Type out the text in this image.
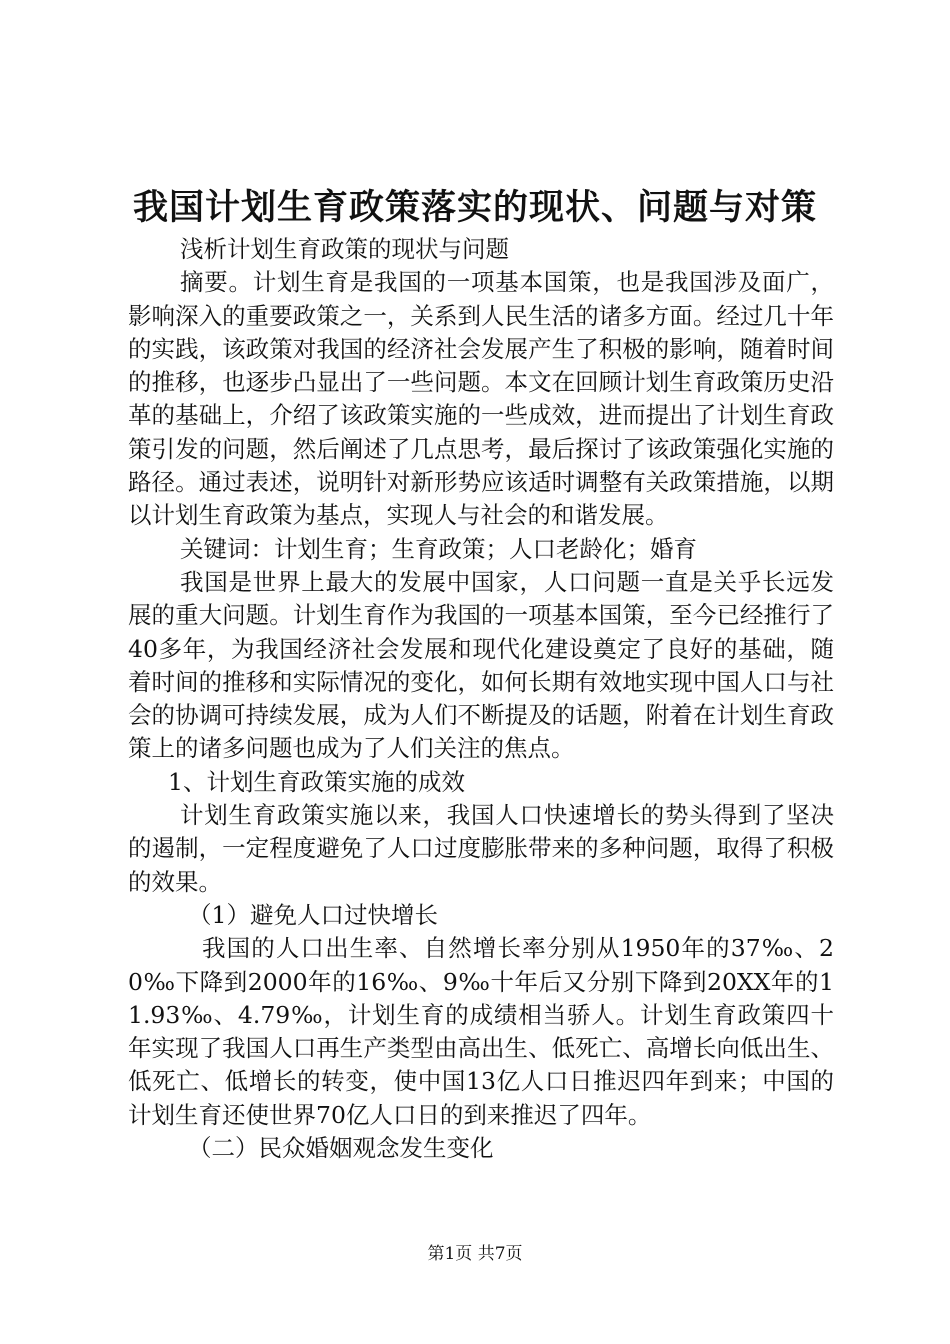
我国计划生育政策落实的现状、问题与对策

浅析计划生育政策的现状与问题

摘要。计划生育是我国的一项基本国策，也是我国涉及面广，影响深入的重要政策之一，关系到人民生活的诸多方面。经过几十年的实践，该政策对我国的经济社会发展产生了积极的影响，随着时间的推移，也逐步凸显出了一些问题。本文在回顾计划生育政策历史沿革的基础上，介绍了该政策实施的一些成效，进而提出了计划生育政策引发的问题，然后阐述了几点思考，最后探讨了该政策强化实施的路径。通过表述，说明针对新形势应该适时调整有关政策措施，以期以计划生育政策为基点，实现人与社会的和谐发展。

关键词：计划生育；生育政策；人口老龄化；婚育

我国是世界上最大的发展中国家，人口问题一直是关乎长远发展的重大问题。计划生育作为我国的一项基本国策，至今已经推行了40多年，为我国经济社会发展和现代化建设奠定了良好的基础，随着时间的推移和实际情况的变化，如何长期有效地实现中国人口与社会的协调可持续发展，成为人们不断提及的话题，附着在计划生育政策上的诸多问题也成为了人们关注的焦点。

1、计划生育政策实施的成效

计划生育政策实施以来，我国人口快速增长的势头得到了坚决的遏制，一定程度避免了人口过度膨胀带来的多种问题，取得了积极的效果。

（1）避免人口过快增长

我国的人口出生率、自然增长率分别从1950年的37‰、20‰下降到2000年的16‰、9‰十年后又分别下降到20XX年的11.93‰、4.79‰，计划生育的成绩相当骄人。计划生育政策四十年实现了我国人口再生产类型由高出生、低死亡、高增长向低出生、低死亡、低增长的转变，使中国13亿人口日推迟四年到来；中国的计划生育还使世界70亿人口日的到来推迟了四年。

（二）民众婚姻观念发生变化

第1页 共7页
